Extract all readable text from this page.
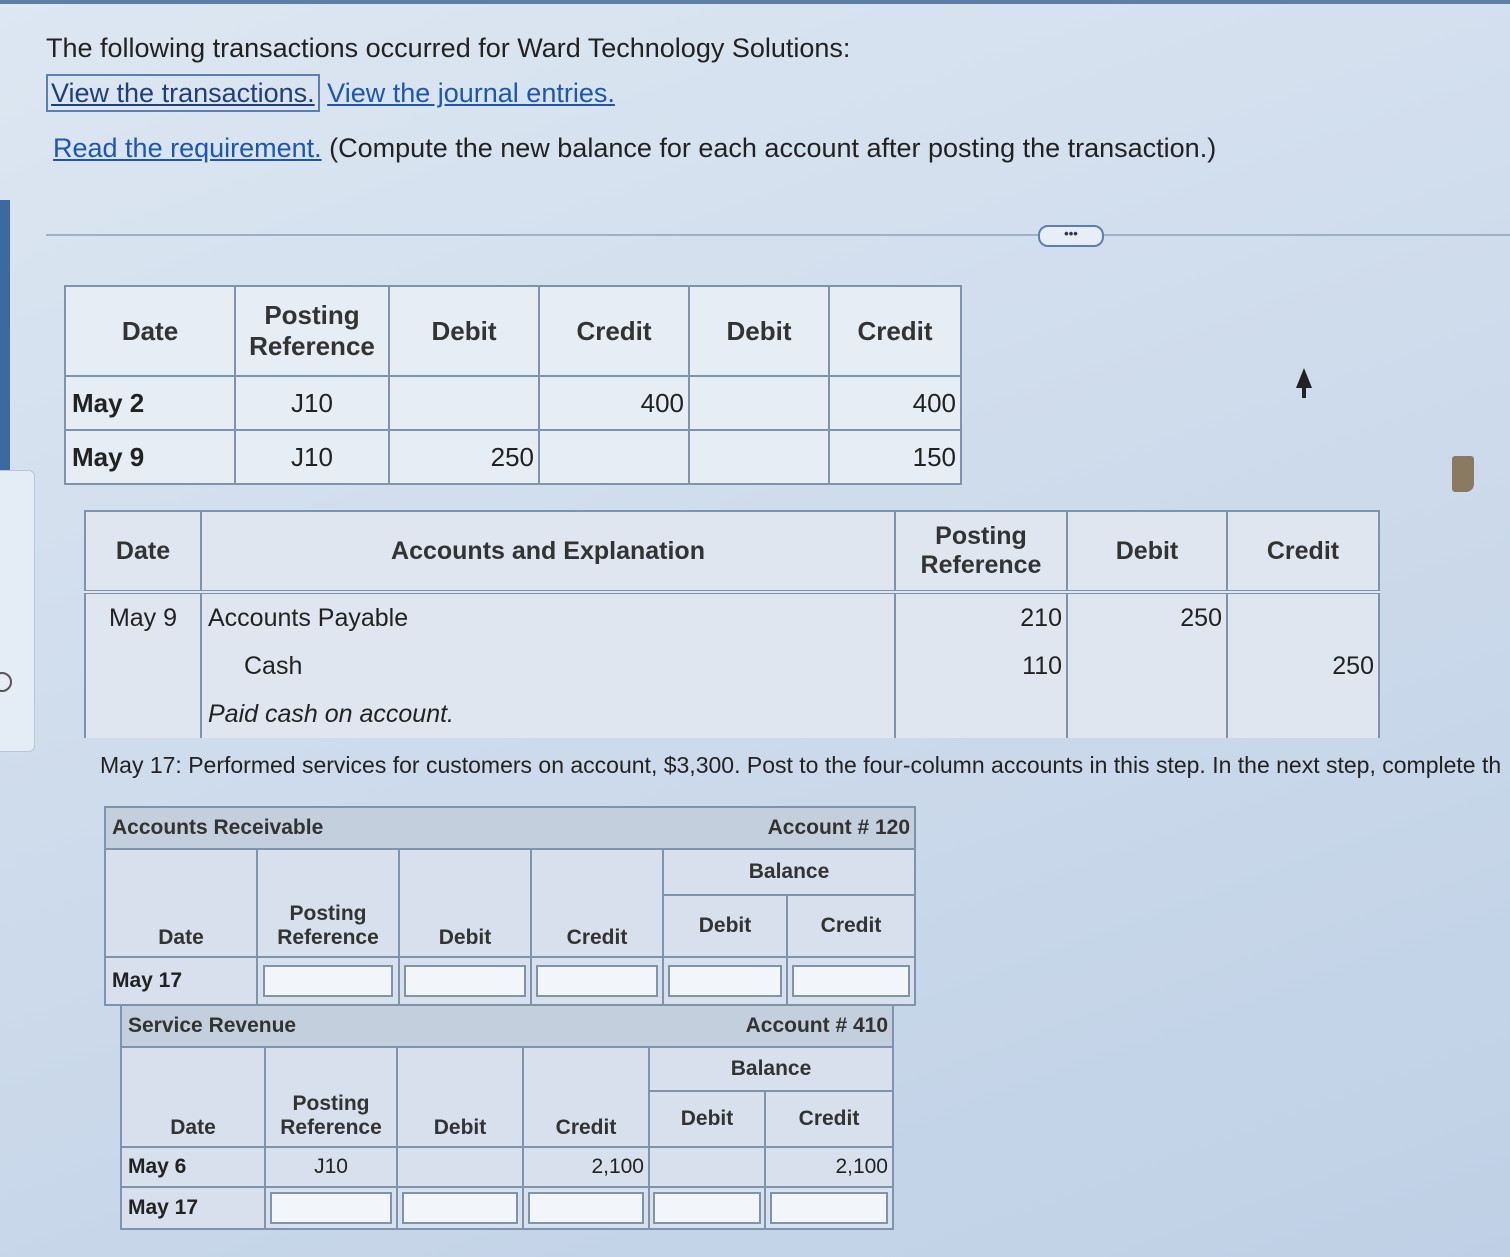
The following transactions occurred for Ward Technology Solutions:
View the transactions. View the journal entries.
Read the requirement. (Compute the new balance for each account after posting the transaction.)
•••
Date	Posting Reference	Debit	Credit	Debit	Credit
May 2	J10		400		400
May 9	J10	250			150
Date	Accounts and Explanation	Posting Reference	Debit	Credit
May 9	Accounts Payable	210	250	
	Cash	110		250
	Paid cash on account.			
May 17: Performed services for customers on account, $3,300. Post to the four-column accounts in this step. In the next step, complete th
Accounts Receivable				Account # 120	
Date	Posting Reference	Debit	Credit	Balance	
				Debit	Credit
May 17	

Service Revenue				Account # 410	
Date	Posting Reference	Debit	Credit	Balance	
				Debit	Credit
May 6	J10		2,100		2,100
May 17	
